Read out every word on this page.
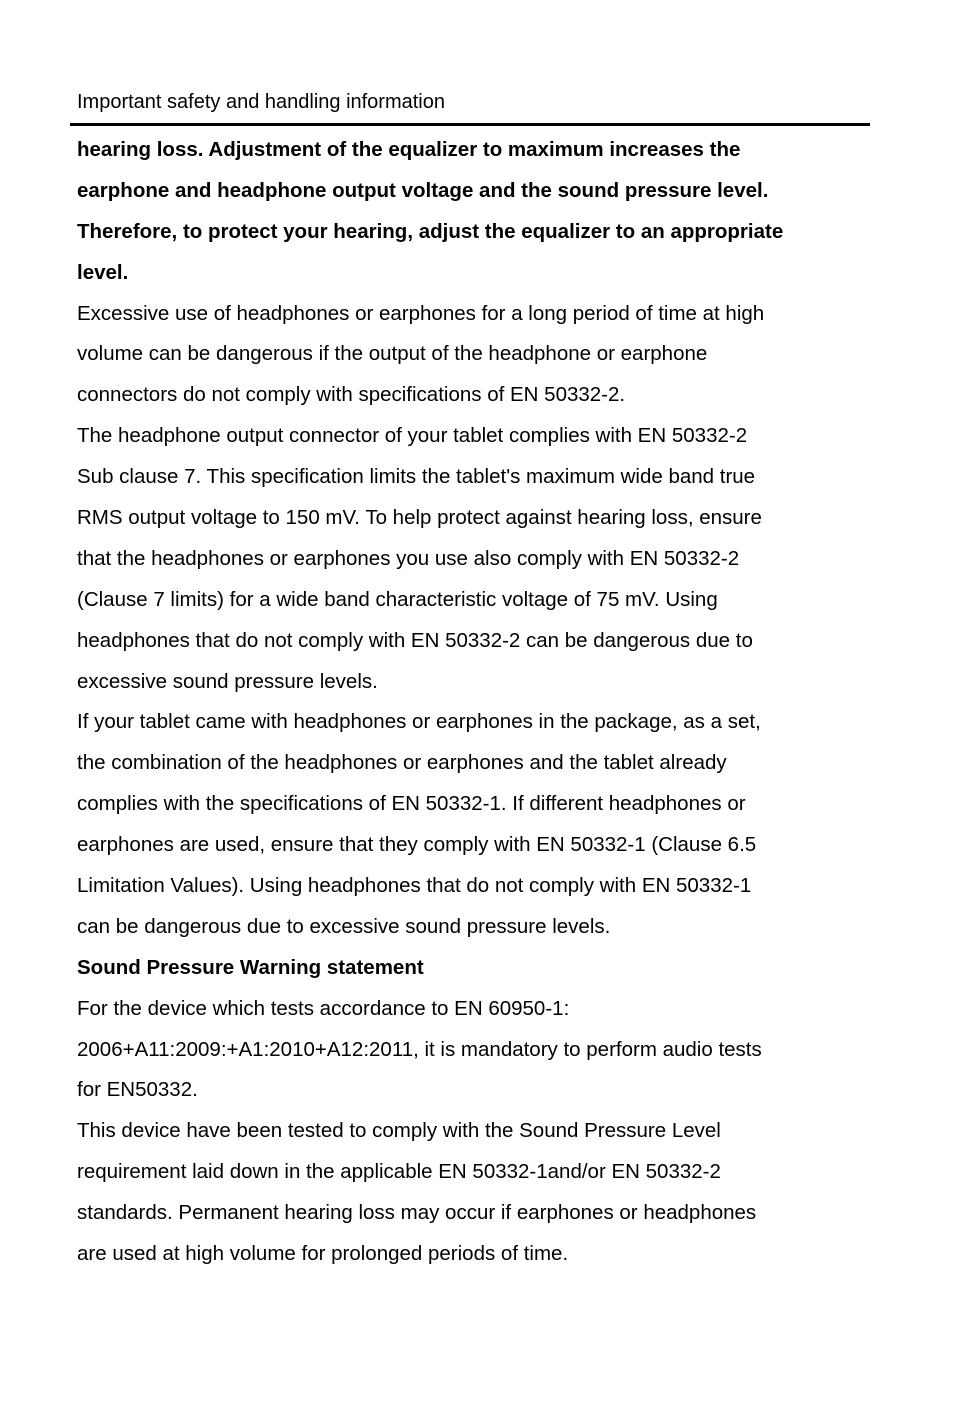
Important safety and handling information
hearing loss. Adjustment of the equalizer to maximum increases the
earphone and headphone output voltage and the sound pressure level.
Therefore, to protect your hearing, adjust the equalizer to an appropriate
level.
Excessive use of headphones or earphones for a long period of time at high
volume can be dangerous if the output of the headphone or earphone
connectors do not comply with specifications of EN 50332-2.
The headphone output connector of your tablet complies with EN 50332-2
Sub clause 7. This specification limits the tablet's maximum wide band true
RMS output voltage to 150 mV. To help protect against hearing loss, ensure
that the headphones or earphones you use also comply with EN 50332-2
(Clause 7 limits) for a wide band characteristic voltage of 75 mV. Using
headphones that do not comply with EN 50332-2 can be dangerous due to
excessive sound pressure levels.
If your tablet came with headphones or earphones in the package, as a set,
the combination of the headphones or earphones and the tablet already
complies with the specifications of EN 50332-1. If different headphones or
earphones are used, ensure that they comply with EN 50332-1 (Clause 6.5
Limitation Values). Using headphones that do not comply with EN 50332-1
can be dangerous due to excessive sound pressure levels.
Sound Pressure Warning statement
For the device which tests accordance to EN 60950-1:
2006+A11:2009:+A1:2010+A12:2011, it is mandatory to perform audio tests
for EN50332.
This device have been tested to comply with the Sound Pressure Level
requirement laid down in the applicable EN 50332-1and/or EN 50332-2
standards. Permanent hearing loss may occur if earphones or headphones
are used at high volume for prolonged periods of time.
